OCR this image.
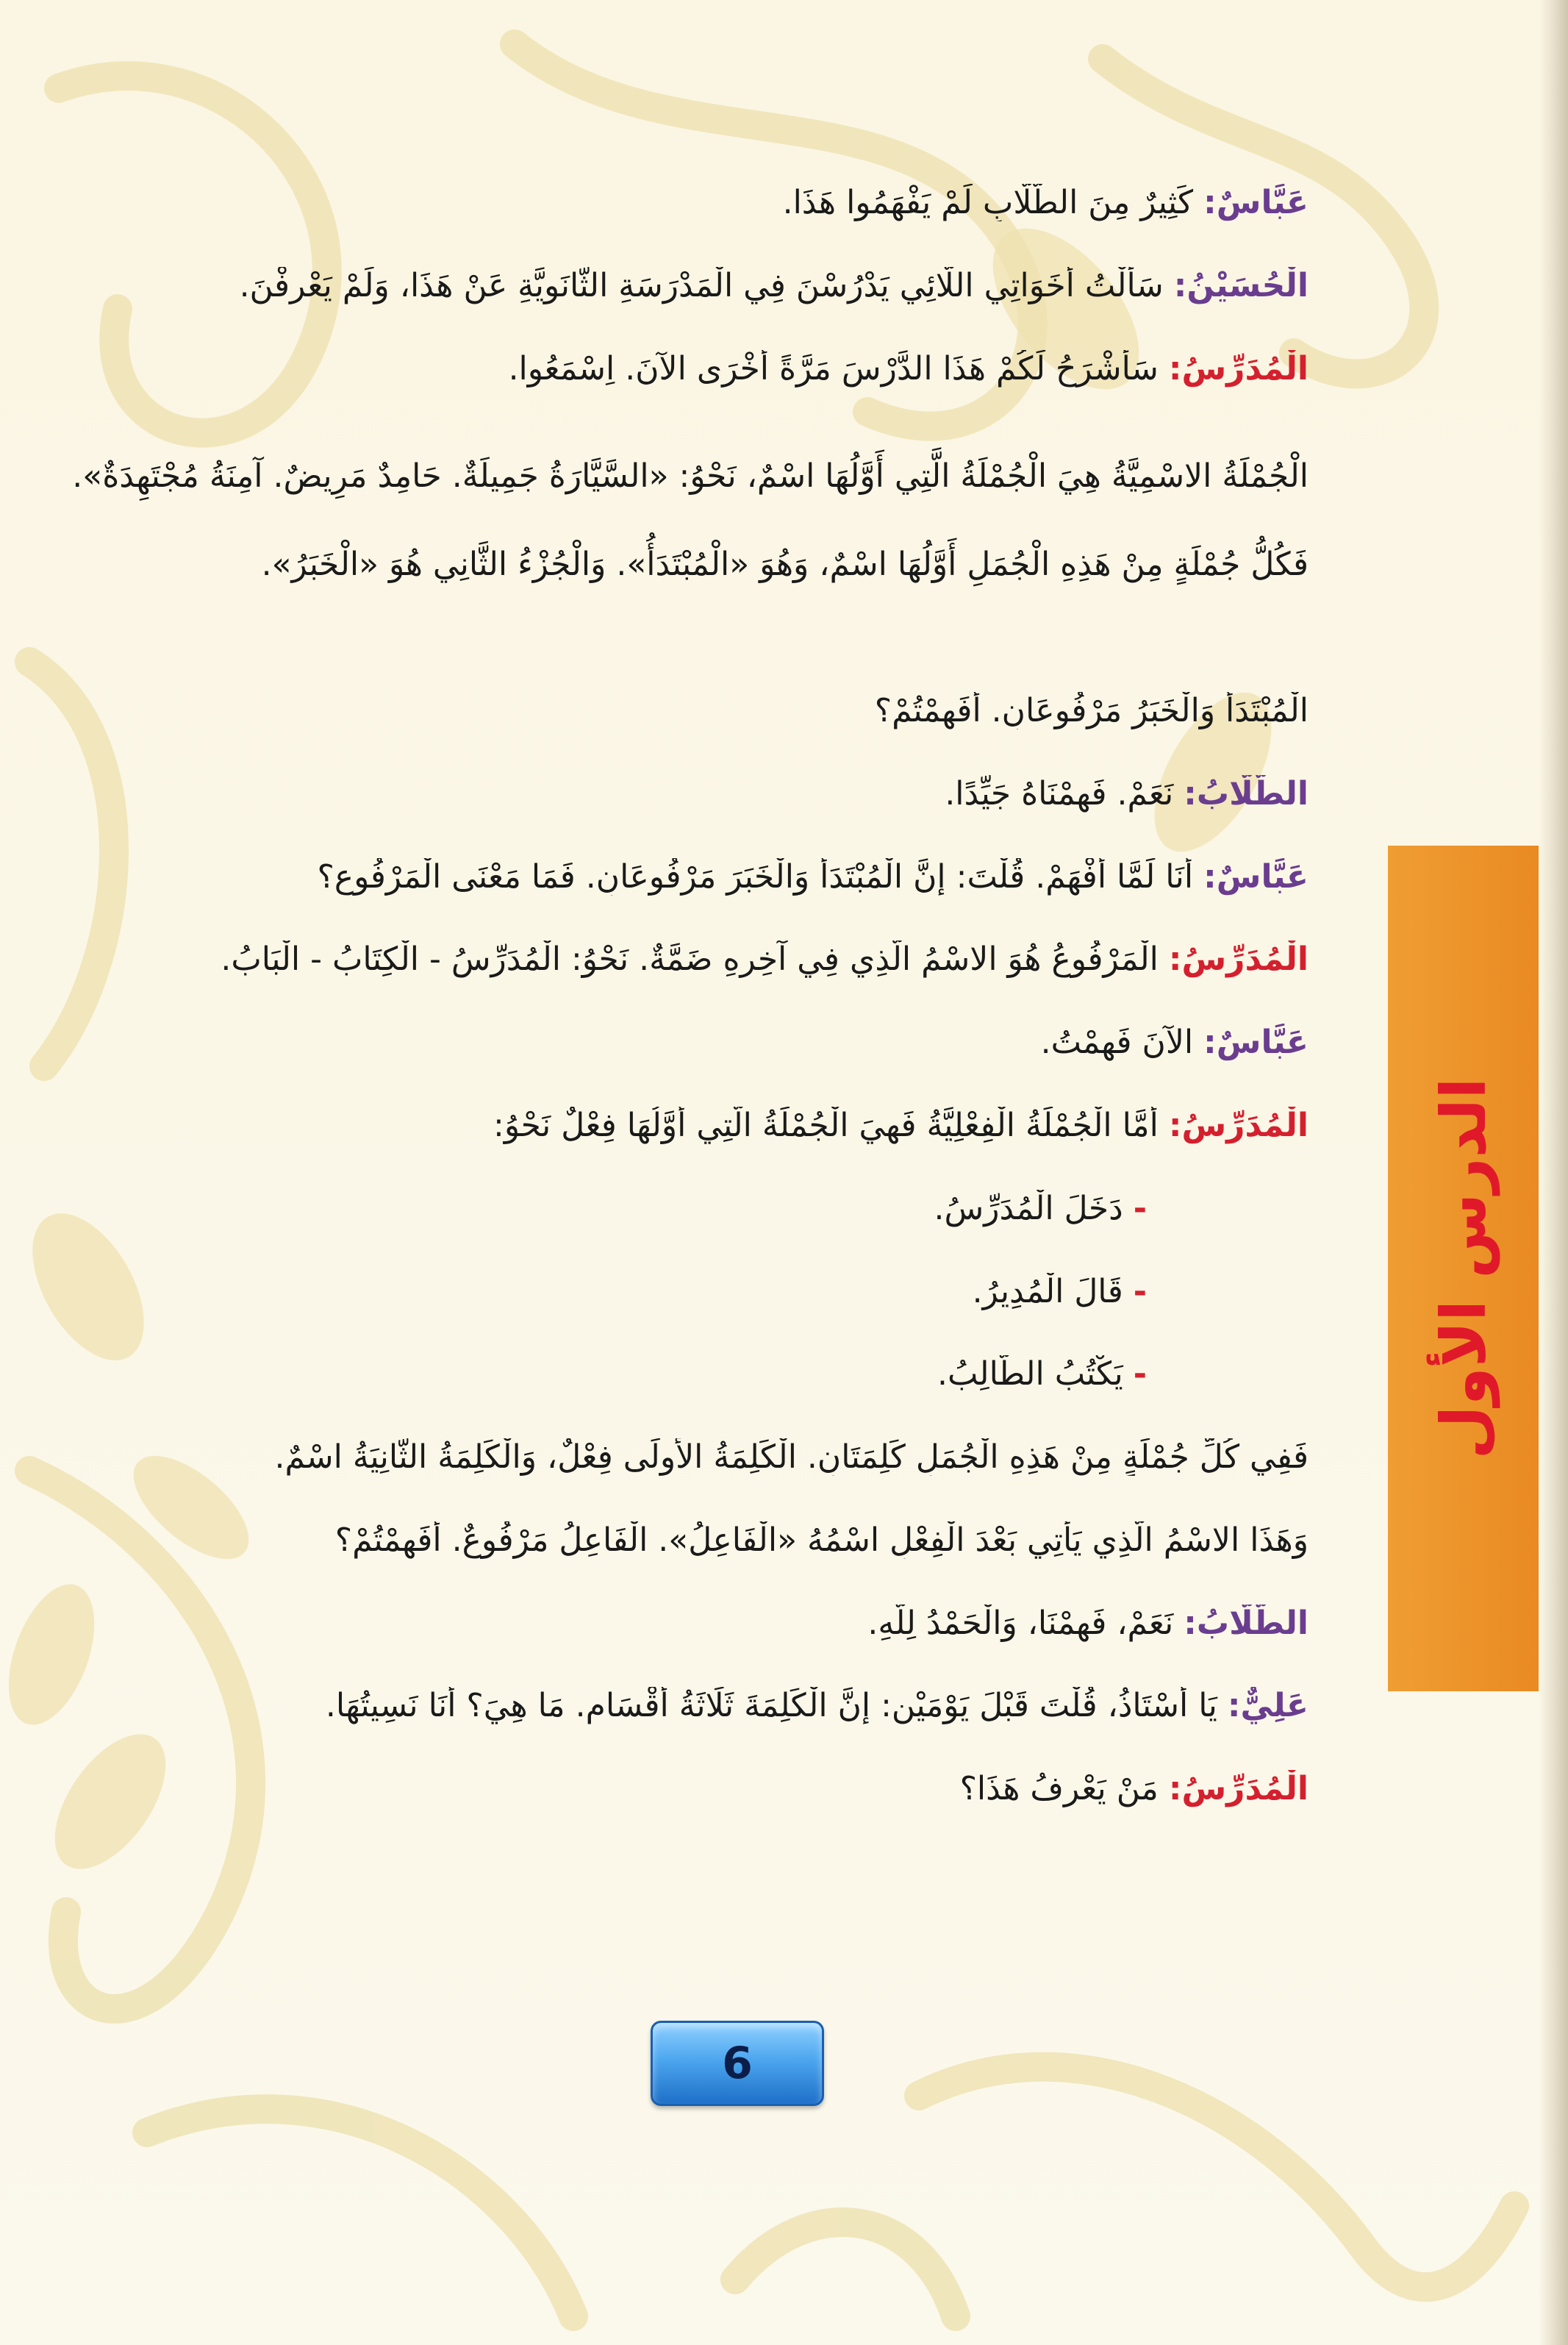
عَبَّاسٌ: كَثِيرٌ مِنَ الطُّلَّابِ لَمْ يَفْهَمُوا هَذَا.
الْحُسَيْنُ: سَأَلْتُ أَخَوَاتِي اللَّائِي يَدْرُسْنَ فِي الْمَدْرَسَةِ الثَّانَوِيَّةِ عَنْ هَذَا، وَلَمْ يَعْرِفْنَ.
الْمُدَرِّسُ: سَأَشْرَحُ لَكُمْ هَذَا الدَّرْسَ مَرَّةً أُخْرَى الآنَ. اِسْمَعُوا.
الْجُمْلَةُ الاسْمِيَّةُ هِيَ الْجُمْلَةُ الَّتِي أَوَّلُهَا اسْمٌ، نَحْوُ: «السَّيَّارَةُ جَمِيلَةٌ. حَامِدٌ مَرِيضٌ. آمِنَةُ مُجْتَهِدَةٌ». فَكُلُّ جُمْلَةٍ مِنْ هَذِهِ الْجُمَلِ أَوَّلُهَا اسْمٌ، وَهُوَ «الْمُبْتَدَأُ». وَالْجُزْءُ الثَّانِي هُوَ «الْخَبَرُ».
الْمُبْتَدَأُ وَالْخَبَرُ مَرْفُوعَانِ. أَفَهِمْتُمْ؟
الطُّلَّابُ: نَعَمْ. فَهِمْنَاهُ جَيِّدًا.
عَبَّاسٌ: أَنَا لَمَّا أَفْهَمْ. قُلْتَ: إِنَّ الْمُبْتَدَأَ وَالْخَبَرَ مَرْفُوعَانِ. فَمَا مَعْنَى الْمَرْفُوعِ؟
الْمُدَرِّسُ: الْمَرْفُوعُ هُوَ الاسْمُ الَّذِي فِي آخِرِهِ ضَمَّةٌ. نَحْوُ: الْمُدَرِّسُ - الْكِتَابُ - الْبَابُ.
عَبَّاسٌ: الآنَ فَهِمْتُ.
الْمُدَرِّسُ: أَمَّا الْجُمْلَةُ الْفِعْلِيَّةُ فَهِيَ الْجُمْلَةُ الَّتِي أَوَّلُهَا فِعْلٌ نَحْوُ:
-دَخَلَ الْمُدَرِّسُ.
-قَالَ الْمُدِيرُ.
-يَكْتُبُ الطَّالِبُ.
فَفِي كُلِّ جُمْلَةٍ مِنْ هَذِهِ الْجُمَلِ كَلِمَتَانِ. الْكَلِمَةُ الأُولَى فِعْلٌ، وَالْكَلِمَةُ الثَّانِيَةُ اسْمٌ.
وَهَذَا الاسْمُ الَّذِي يَأْتِي بَعْدَ الْفِعْلِ اسْمُهُ «الْفَاعِلُ». الْفَاعِلُ مَرْفُوعٌ. أَفَهِمْتُمْ؟
الطُّلَّابُ: نَعَمْ، فَهِمْنَا، وَالْحَمْدُ لِلَّهِ.
عَلِيٌّ: يَا أُسْتَاذُ، قُلْتَ قَبْلَ يَوْمَيْنِ: إِنَّ الْكَلِمَةَ ثَلَاثَةُ أَقْسَامٍ. مَا هِيَ؟ أَنَا نَسِيتُهَا.
الْمُدَرِّسُ: مَنْ يَعْرِفُ هَذَا؟
الدرس الأول
6
